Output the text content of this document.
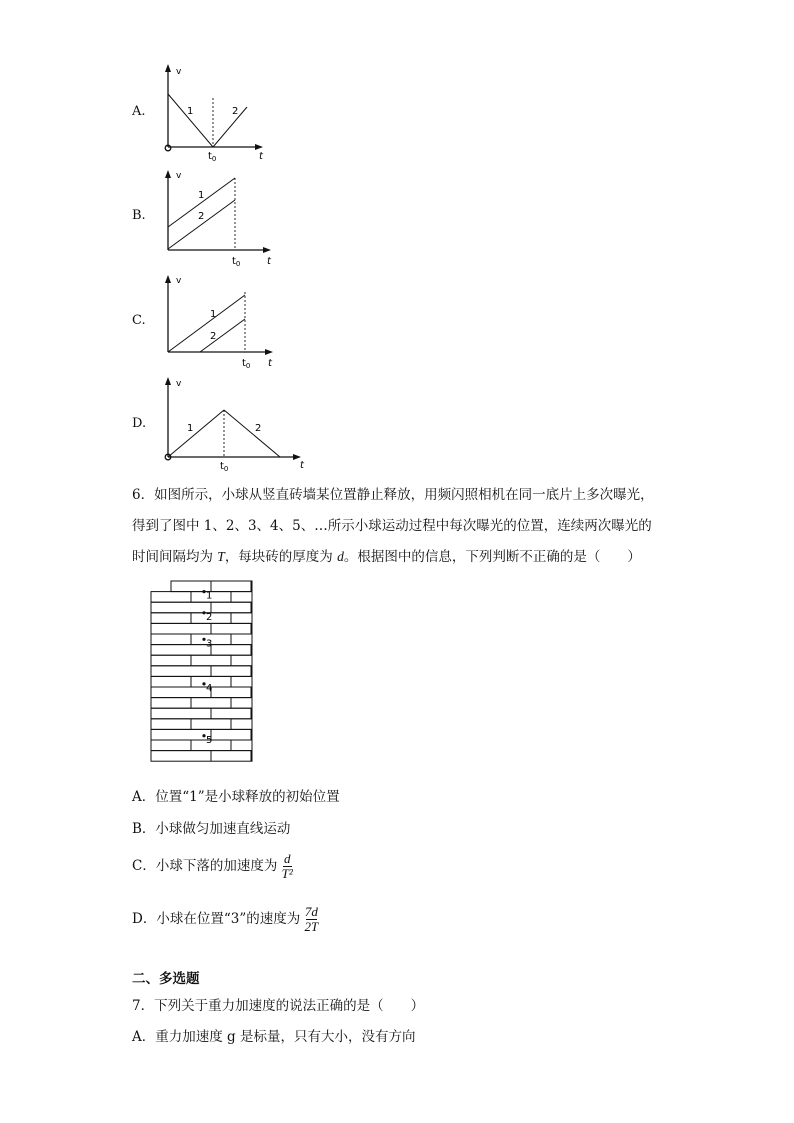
A.
v
1	2
$t_0$	t
B.
v
1
2
$t_0$	t
C.
v
1
2
$t_0$ t
D.
v
1	2
$t_0$	t
6．如图所示，小球从竖直砖墙某位置静止释放，用频闪照相机在同一底片上多次曝光，
得到了图中 1、2、3、4、5、…所示小球运动过程中每次曝光的位置，连续两次曝光的
时间间隔均为 T，每块砖的厚度为 d。根据图中的信息，下列判断不正确的是（　　）
1
2
3
4
5
A．位置“1”是小球释放的初始位置
B．小球做匀加速直线运动
C．小球下落的加速度为 $\frac{d}{\text{T²}}$
D．小球在位置“3”的速度为 $\frac{7d}{2T}$
二、多选题
7．下列关于重力加速度的说法正确的是（　　）
A．重力加速度 g 是标量，只有大小，没有方向
